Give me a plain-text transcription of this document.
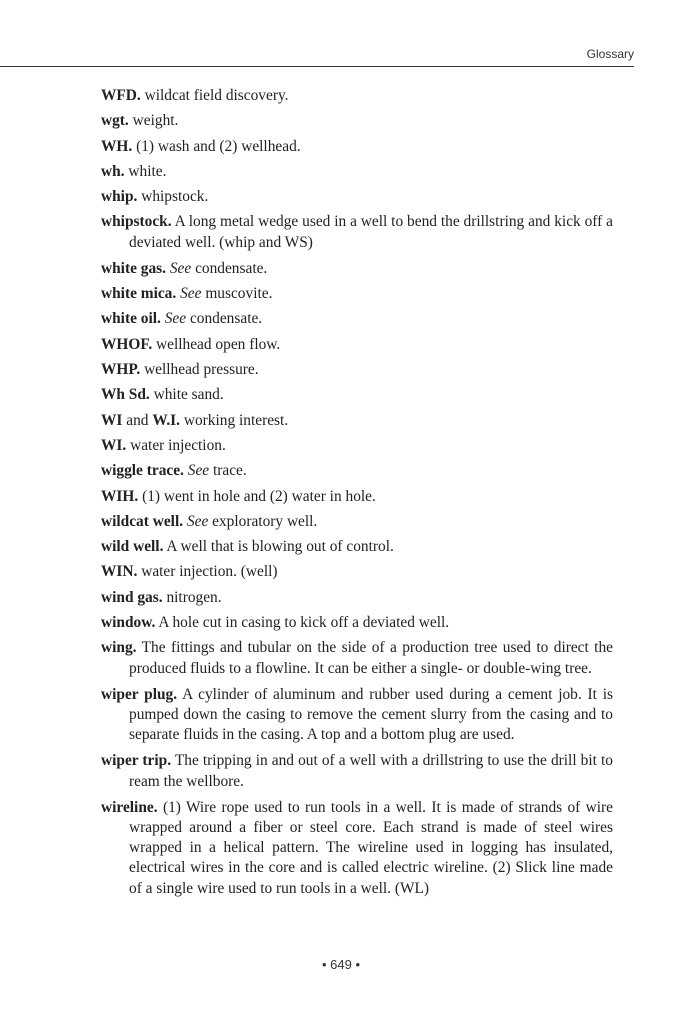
Glossary
WFD. wildcat field discovery.
wgt. weight.
WH. (1) wash and (2) wellhead.
wh. white.
whip. whipstock.
whipstock. A long metal wedge used in a well to bend the drillstring and kick off a deviated well. (whip and WS)
white gas. See condensate.
white mica. See muscovite.
white oil. See condensate.
WHOF. wellhead open flow.
WHP. wellhead pressure.
Wh Sd. white sand.
WI and W.I. working interest.
WI. water injection.
wiggle trace. See trace.
WIH. (1) went in hole and (2) water in hole.
wildcat well. See exploratory well.
wild well. A well that is blowing out of control.
WIN. water injection. (well)
wind gas. nitrogen.
window. A hole cut in casing to kick off a deviated well.
wing. The fittings and tubular on the side of a production tree used to direct the produced fluids to a flowline. It can be either a single- or double-wing tree.
wiper plug. A cylinder of aluminum and rubber used during a cement job. It is pumped down the casing to remove the cement slurry from the casing and to separate fluids in the casing. A top and a bottom plug are used.
wiper trip. The tripping in and out of a well with a drillstring to use the drill bit to ream the wellbore.
wireline. (1) Wire rope used to run tools in a well. It is made of strands of wire wrapped around a fiber or steel core. Each strand is made of steel wires wrapped in a helical pattern. The wireline used in logging has insulated, electrical wires in the core and is called electric wireline. (2) Slick line made of a single wire used to run tools in a well. (WL)
• 649 •
